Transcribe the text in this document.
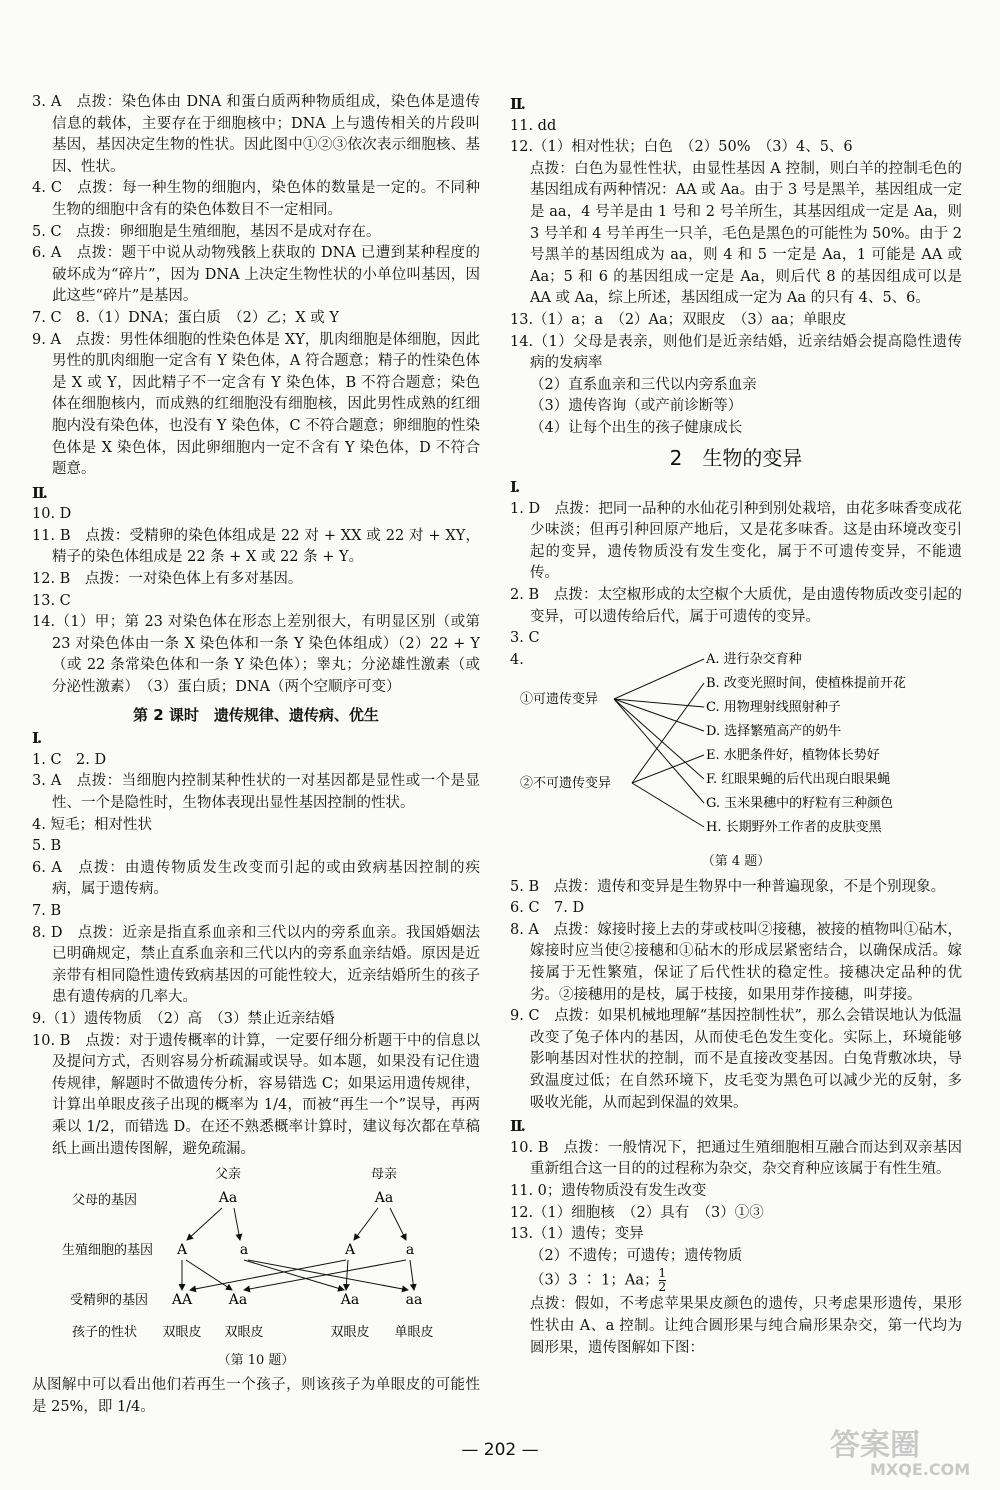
3. A　点拨：染色体由 DNA 和蛋白质两种物质组成，染色体是遗传信息的载体，主要存在于细胞核中；DNA 上与遗传相关的片段叫基因，基因决定生物的性状。因此图中①②③依次表示细胞核、基因、性状。

4. C　点拨：每一种生物的细胞内，染色体的数量是一定的。不同种生物的细胞中含有的染色体数目不一定相同。

5. C　点拨：卵细胞是生殖细胞，基因不是成对存在。

6. A　点拨：题干中说从动物残骸上获取的 DNA 已遭到某种程度的破坏成为“碎片”，因为 DNA 上决定生物性状的小单位叫基因，因此这些“碎片”是基因。

7. C　8.（1）DNA；蛋白质　（2）乙；X 或 Y

9. A　点拨：男性体细胞的性染色体是 XY，肌肉细胞是体细胞，因此男性的肌肉细胞一定含有 Y 染色体，A 符合题意；精子的性染色体是 X 或 Y，因此精子不一定含有 Y 染色体，B 不符合题意；染色体在细胞核内，而成熟的红细胞没有细胞核，因此男性成熟的红细胞内没有染色体，也没有 Y 染色体，C 不符合题意；卵细胞的性染色体是 X 染色体，因此卵细胞内一定不含有 Y 染色体，D 不符合题意。

Ⅱ.

10. D

11. B　点拨：受精卵的染色体组成是 22 对 + XX 或 22 对 + XY，精子的染色体组成是 22 条 + X 或 22 条 + Y。

12. B　点拨：一对染色体上有多对基因。

13. C

14.（1）甲；第 23 对染色体在形态上差别很大，有明显区别（或第 23 对染色体由一条 X 染色体和一条 Y 染色体组成）（2）22 + Y（或 22 条常染色体和一条 Y 染色体）；睾丸；分泌雄性激素（或分泌性激素）　（3）蛋白质；DNA（两个空顺序可变）

第 2 课时　遗传规律、遗传病、优生
Ⅰ.

1. C　2. D

3. A　点拨：当细胞内控制某种性状的一对基因都是显性或一个是显性、一个是隐性时，生物体表现出显性基因控制的性状。

4. 短毛；相对性状

5. B

6. A　点拨：由遗传物质发生改变而引起的或由致病基因控制的疾病，属于遗传病。

7. B

8. D　点拨：近亲是指直系血亲和三代以内的旁系血亲。我国婚姻法已明确规定，禁止直系血亲和三代以内的旁系血亲结婚。原因是近亲带有相同隐性遗传致病基因的可能性较大，近亲结婚所生的孩子患有遗传病的几率大。

9.（1）遗传物质　（2）高　（3）禁止近亲结婚

10. B　点拨：对于遗传概率的计算，一定要仔细分析题干中的信息以及提问方式，否则容易分析疏漏或误导。如本题，如果没有记住遗传规律，解题时不做遗传分析，容易错选 C；如果运用遗传规律，计算出单眼皮孩子出现的概率为 1/4，而被“再生一个”误导，再两乘以 1/2，而错选 D。在还不熟悉概率计算时，建议每次都在草稿纸上画出遗传图解，避免疏漏。

父亲	母亲
父母的基因	Aa	Aa
生殖细胞的基因 A	a	A	a
受精卵的基因 AA	Aa	Aa	aa
孩子的性状 双眼皮 双眼皮	双眼皮 单眼皮
（第 10 题）

从图解中可以看出他们若再生一个孩子，则该孩子为单眼皮的可能性是 25%，即 1/4。

Ⅱ.

11. dd

12.（1）相对性状；白色　（2）50%　（3）4、5、6

点拨：白色为显性性状，由显性基因 A 控制，则白羊的控制毛色的基因组成有两种情况：AA 或 Aa。由于 3 号是黑羊，基因组成一定是 aa，4 号羊是由 1 号和 2 号羊所生，其基因组成一定是 Aa，则 3 号羊和 4 号羊再生一只羊，毛色是黑色的可能性为 50%。由于 2 号黑羊的基因组成为 aa，则 4 和 5 一定是 Aa，1 可能是 AA 或 Aa；5 和 6 的基因组成一定是 Aa，则后代 8 的基因组成可以是 AA 或 Aa，综上所述，基因组成一定为 Aa 的只有 4、5、6。

13.（1）a；a　（2）Aa；双眼皮　（3）aa；单眼皮

14.（1）父母是表亲，则他们是近亲结婚，近亲结婚会提高隐性遗传病的发病率

（2）直系血亲和三代以内旁系血亲

（3）遗传咨询（或产前诊断等）

（4）让每个出生的孩子健康成长

2　生物的变异
Ⅰ.

1. D　点拨：把同一品种的水仙花引种到别处栽培，由花多味香变成花少味淡；但再引种回原产地后，又是花多味香。这是由环境改变引起的变异，遗传物质没有发生变化，属于不可遗传变异，不能遗传。

2. B　点拨：太空椒形成的太空椒个大质优，是由遗传物质改变引起的变异，可以遗传给后代，属于可遗传的变异。

3. C

4.

①可遗传变异
②不可遗传变异
A. 进行杂交育种
B. 改变光照时间，使植株提前开花
C. 用物理射线照射种子
D. 选择繁殖高产的奶牛
E. 水肥条件好，植物体长势好
F. 红眼果蝇的后代出现白眼果蝇
G. 玉米果穗中的籽粒有三种颜色
H. 长期野外工作者的皮肤变黑
（第 4 题）

5. B　点拨：遗传和变异是生物界中一种普遍现象，不是个别现象。

6. C　7. D

8. A　点拨：嫁接时接上去的芽或枝叫②接穗，被接的植物叫①砧木，嫁接时应当使②接穗和①砧木的形成层紧密结合，以确保成活。嫁接属于无性繁殖，保证了后代性状的稳定性。接穗决定品种的优劣。②接穗用的是枝，属于枝接，如果用芽作接穗，叫芽接。

9. C　点拨：如果机械地理解“基因控制性状”，那么会错误地认为低温改变了兔子体内的基因，从而使毛色发生变化。实际上，环境能够影响基因对性状的控制，而不是直接改变基因。白兔背敷冰块，导致温度过低；在自然环境下，皮毛变为黑色可以减少光的反射，多吸收光能，从而起到保温的效果。

Ⅱ.

10. B　点拨：一般情况下，把通过生殖细胞相互融合而达到双亲基因重新组合这一目的的过程称为杂交，杂交育种应该属于有性生殖。

11. 0；遗传物质没有发生改变

12.（1）细胞核　（2）具有　（3）①③

13.（1）遗传；变异

（2）不遗传；可遗传；遗传物质

（3）3 ∶ 1；Aa； $\frac{1}{2}$

点拨：假如，不考虑苹果果皮颜色的遗传，只考虑果形遗传，果形性状由 A、a 控制。让纯合圆形果与纯合扁形果杂交，第一代均为圆形果，遗传图解如下图：

— 202 —	答案圈
MXQE.COM
